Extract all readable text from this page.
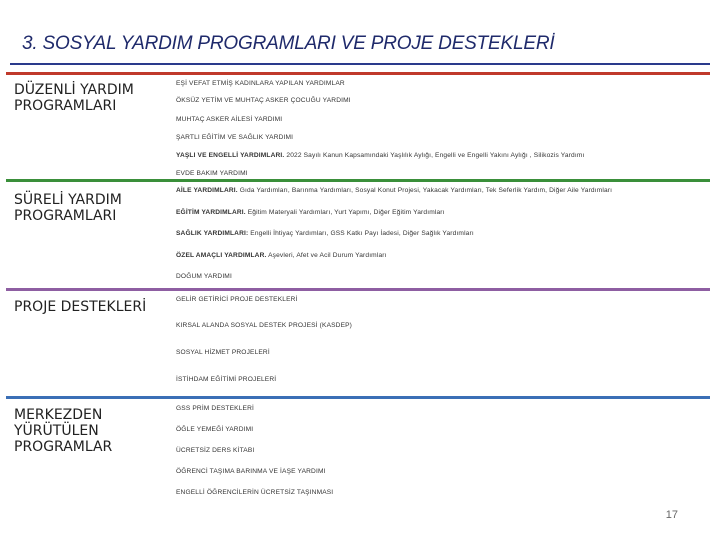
3. SOSYAL YARDIM PROGRAMLARI VE PROJE DESTEKLERİ
DÜZENLİ YARDIM
PROGRAMLARI
EŞİ VEFAT ETMİŞ KADINLARA YAPILAN YARDIMLAR
ÖKSÜZ YETİM VE MUHTAÇ ASKER ÇOCUĞU YARDIMI
MUHTAÇ ASKER AİLESİ YARDIMI
ŞARTLI EĞİTİM VE SAĞLIK YARDIMI
YAŞLI VE ENGELLİ YARDIMLARI. 2022 Sayılı Kanun Kapsamındaki Yaşlılık Aylığı, Engelli ve Engelli Yakını Aylığı , Silikozis Yardımı
EVDE BAKIM YARDIMI
SÜRELİ YARDIM
PROGRAMLARI
AİLE YARDIMLARI. Gıda Yardımları, Barınma Yardımları, Sosyal Konut Projesi, Yakacak Yardımları, Tek Seferlik Yardım, Diğer Aile Yardımları
EĞİTİM YARDIMLARI. Eğitim Materyali Yardımları, Yurt Yapımı, Diğer Eğitim Yardımları
SAĞLIK YARDIMLARI: Engelli İhtiyaç Yardımları, GSS Katkı Payı İadesi, Diğer Sağlık Yardımları
ÖZEL AMAÇLI YARDIMLAR. Aşevleri, Afet ve Acil Durum Yardımları
DOĞUM YARDIMI
PROJE DESTEKLERİ	GELİR GETİRİCİ PROJE DESTEKLERİ
KIRSAL ALANDA SOSYAL DESTEK PROJESİ (KASDEP)
SOSYAL HİZMET PROJELERİ
İSTİHDAM EĞİTİMİ PROJELERİ
MERKEZDEN
YÜRÜTÜLEN
PROGRAMLAR
GSS PRİM DESTEKLERİ
ÖĞLE YEMEĞİ YARDIMI
ÜCRETSİZ DERS KİTABI
ÖĞRENCİ TAŞIMA BARINMA VE İAŞE YARDIMI
ENGELLİ ÖĞRENCİLERİN ÜCRETSİZ TAŞINMASI
17
